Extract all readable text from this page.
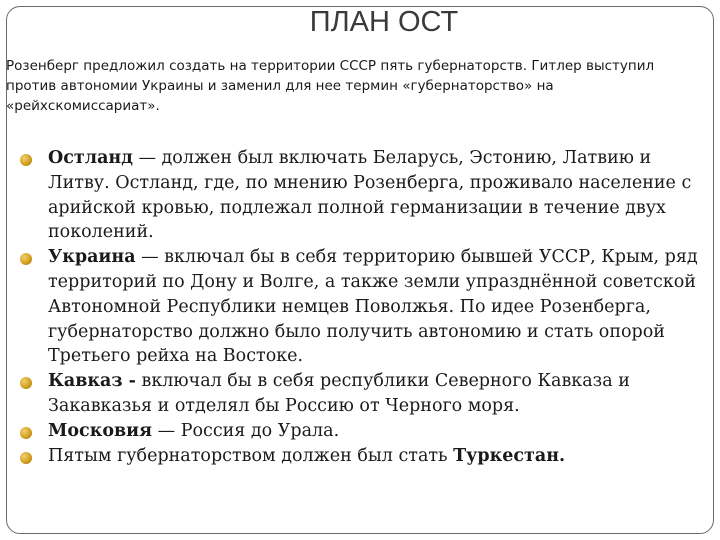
ПЛАН ОСТ

Розенберг предложил создать на территории СССР пять губернаторств. Гитлер выступил против автономии Украины и заменил для нее термин «губернаторство» на «рейхскомиссариат».

Остланд — должен был включать Беларусь, Эстонию, Латвию и Литву. Остланд, где, по мнению Розенберга, проживало население с арийской кровью, подлежал полной германизации в течение двух поколений.
Украина — включал бы в себя территорию бывшей УССР, Крым, ряд территорий по Дону и Волге, а также земли упразднённой советской Автономной Республики немцев Поволжья. По идее Розенберга, губернаторство должно было получить автономию и стать опорой Третьего рейха на Востоке.
Кавказ - включал бы в себя республики Северного Кавказа и Закавказья и отделял бы Россию от Черного моря.
Московия — Россия до Урала.
Пятым губернаторством должен был стать Туркестан.
